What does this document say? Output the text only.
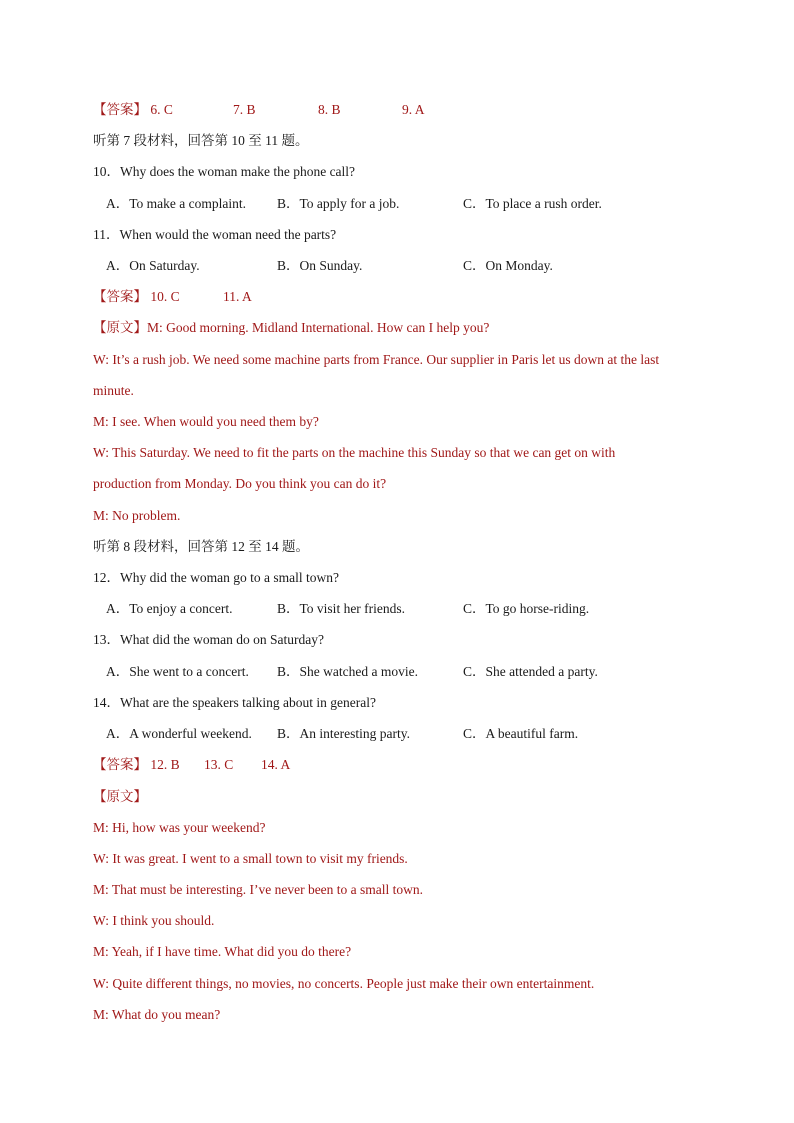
【答案】 6. C	7. B	8. B	9. A
听第 7 段材料，回答第 10 至 11 题。
10．Why does the woman make the phone call?
A．To make a complaint. B．To apply for a job.	C．To place a rush order.
11．When would the woman need the parts?
A．On Saturday.	B．On Sunday.	C．On Monday.
【答案】 10. C	11. A
【原文】M: Good morning. Midland International. How can I help you?
W: It’s a rush job. We need some machine parts from France. Our supplier in Paris let us down at the last
minute.
M: I see. When would you need them by?
W: This Saturday. We need to fit the parts on the machine this Sunday so that we can get on with
production from Monday. Do you think you can do it?
M: No problem.
听第 8 段材料，回答第 12 至 14 题。
12．Why did the woman go to a small town?
A．To enjoy a concert.	B．To visit her friends.	C．To go horse-riding.
13．What did the woman do on Saturday?
A．She went to a concert. B．She watched a movie.	C．She attended a party.
14．What are the speakers talking about in general?
A．A wonderful weekend. B．An interesting party.	C．A beautiful farm.
【答案】 12. B 13. C 14. A
【原文】
M: Hi, how was your weekend?
W: It was great. I went to a small town to visit my friends.
M: That must be interesting. I’ve never been to a small town.
W: I think you should.
M: Yeah, if I have time. What did you do there?
W: Quite different things, no movies, no concerts. People just make their own entertainment.
M: What do you mean?
